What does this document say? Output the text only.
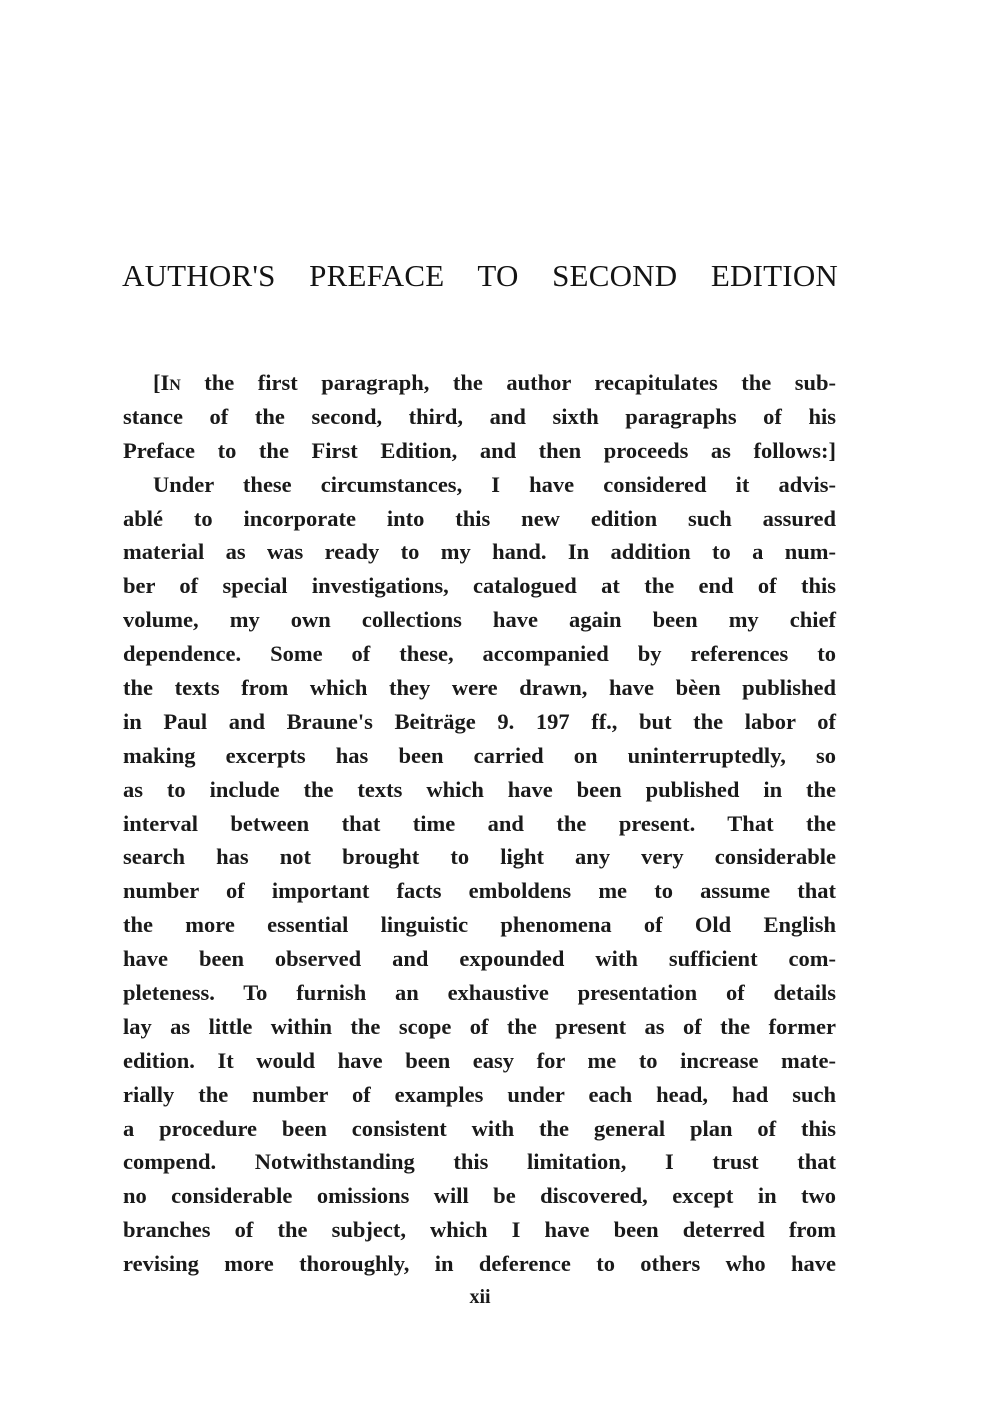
AUTHOR'S PREFACE TO SECOND EDITION
[In the first paragraph, the author recapitulates the sub-
stance of the second, third, and sixth paragraphs of his
Preface to the First Edition, and then proceeds as follows:]
Under these circumstances, I have considered it advis-
ablé to incorporate into this new edition such assured
material as was ready to my hand. In addition to a num-
ber of special investigations, catalogued at the end of this
volume, my own collections have again been my chief
dependence. Some of these, accompanied by references to
the texts from which they were drawn, have bèen published
in Paul and Braune's Beiträge 9. 197 ff., but the labor of
making excerpts has been carried on uninterruptedly, so
as to include the texts which have been published in the
interval between that time and the present. That the
search has not brought to light any very considerable
number of important facts emboldens me to assume that
the more essential linguistic phenomena of Old English
have been observed and expounded with sufficient com-
pleteness. To furnish an exhaustive presentation of details
lay as little within the scope of the present as of the former
edition. It would have been easy for me to increase mate-
rially the number of examples under each head, had such
a procedure been consistent with the general plan of this
compend. Notwithstanding this limitation, I trust that
no considerable omissions will be discovered, except in two
branches of the subject, which I have been deterred from
revising more thoroughly, in deference to others who have
xii
